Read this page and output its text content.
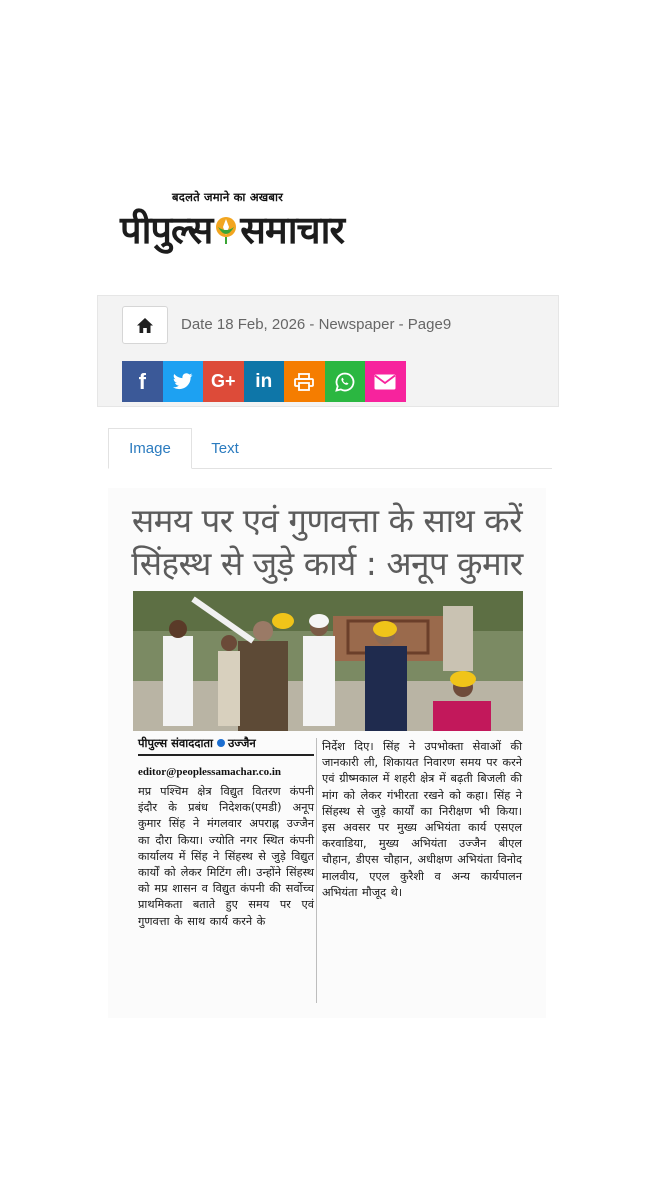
बदलते जमाने का अखबार
पीपुल्स समाचार
Date 18 Feb, 2026 - Newspaper - Page9
f	G+ in
Image	Text
समय पर एवं गुणवत्ता के साथ करें
सिंहस्थ से जुड़े कार्य : अनूप कुमार
पीपुल्स संवाददाता उज्जैन
editor@peoplessamachar.co.in
मप्र पश्चिम क्षेत्र विद्युत वितरण कंपनी इंदौर के प्रबंध निदेशक(एमडी) अनूप कुमार सिंह ने मंगलवार अपराह्न उज्जैन का दौरा किया। ज्योति नगर स्थित कंपनी कार्यालय में सिंह ने सिंहस्थ से जुड़े विद्युत कार्यों को लेकर मिटिंग ली। उन्होंने सिंहस्थ को मप्र शासन व विद्युत कंपनी की सर्वोच्च प्राथमिकता बताते हुए समय पर एवं गुणवत्ता के साथ कार्य करने के
निर्देश दिए। सिंह ने उपभोक्ता सेवाओं की जानकारी ली, शिकायत निवारण समय पर करने एवं ग्रीष्मकाल में शहरी क्षेत्र में बढ़ती बिजली की मांग को लेकर गंभीरता रखने को कहा। सिंह ने सिंहस्थ से जुड़े कार्यों का निरीक्षण भी किया। इस अवसर पर मुख्य अभियंता कार्य एसएल करवाडिया, मुख्य अभियंता उज्जैन बीएल चौहान, डीएस चौहान, अधीक्षण अभियंता विनोद मालवीय, एएल कुरैशी व अन्य कार्यपालन अभियंता मौजूद थे।
